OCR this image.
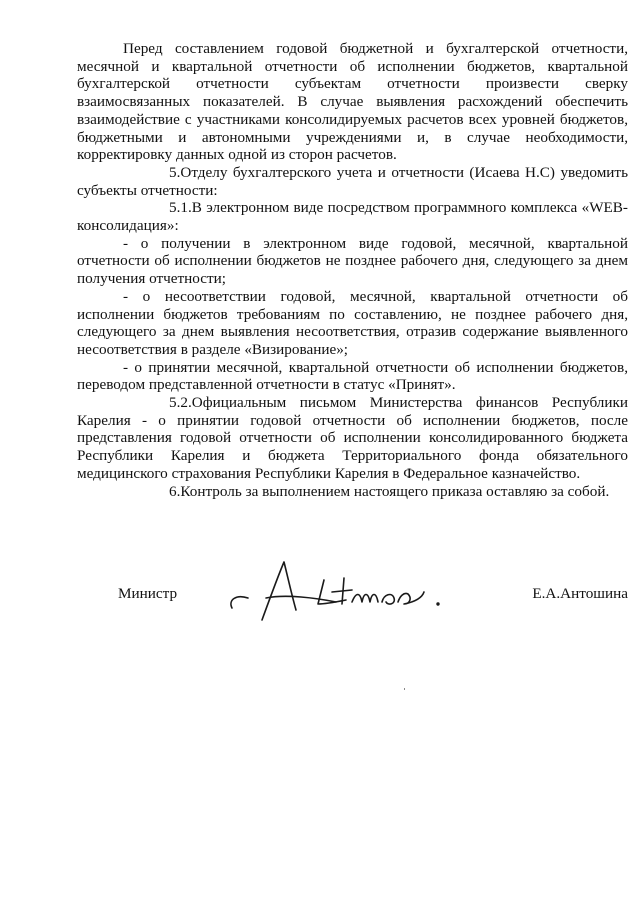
Перед составлением годовой бюджетной и бухгалтерской отчетности, месячной и квартальной отчетности об исполнении бюджетов, квартальной бухгалтерской отчетности субъектам отчетности произвести сверку взаимосвязанных показателей. В случае выявления расхождений обеспечить взаимодействие с участниками консолидируемых расчетов всех уровней бюджетов, бюджетными и автономными учреждениями и, в случае необходимости, корректировку данных одной из сторон расчетов.

5.Отделу бухгалтерского учета и отчетности (Исаева Н.С) уведомить субъекты отчетности:

5.1.В электронном виде посредством программного комплекса «WEB-консолидация»:

- о получении в электронном виде годовой, месячной, квартальной отчетности об исполнении бюджетов не позднее рабочего дня, следующего за днем получения отчетности;

- о несоответствии годовой, месячной, квартальной отчетности об исполнении бюджетов требованиям по составлению, не позднее рабочего дня, следующего за днем выявления несоответствия, отразив содержание выявленного несоответствия в разделе «Визирование»;

- о принятии месячной, квартальной отчетности об исполнении бюджетов, переводом представленной отчетности в статус «Принят».

5.2.Официальным письмом Министерства финансов Республики Карелия - о принятии годовой отчетности об исполнении бюджетов, после представления годовой отчетности об исполнении консолидированного бюджета Республики Карелия и бюджета Территориального фонда обязательного медицинского страхования Республики Карелия в Федеральное казначейство.

6.Контроль за выполнением настоящего приказа оставляю за собой.

Министр	Е.А.Антошина
